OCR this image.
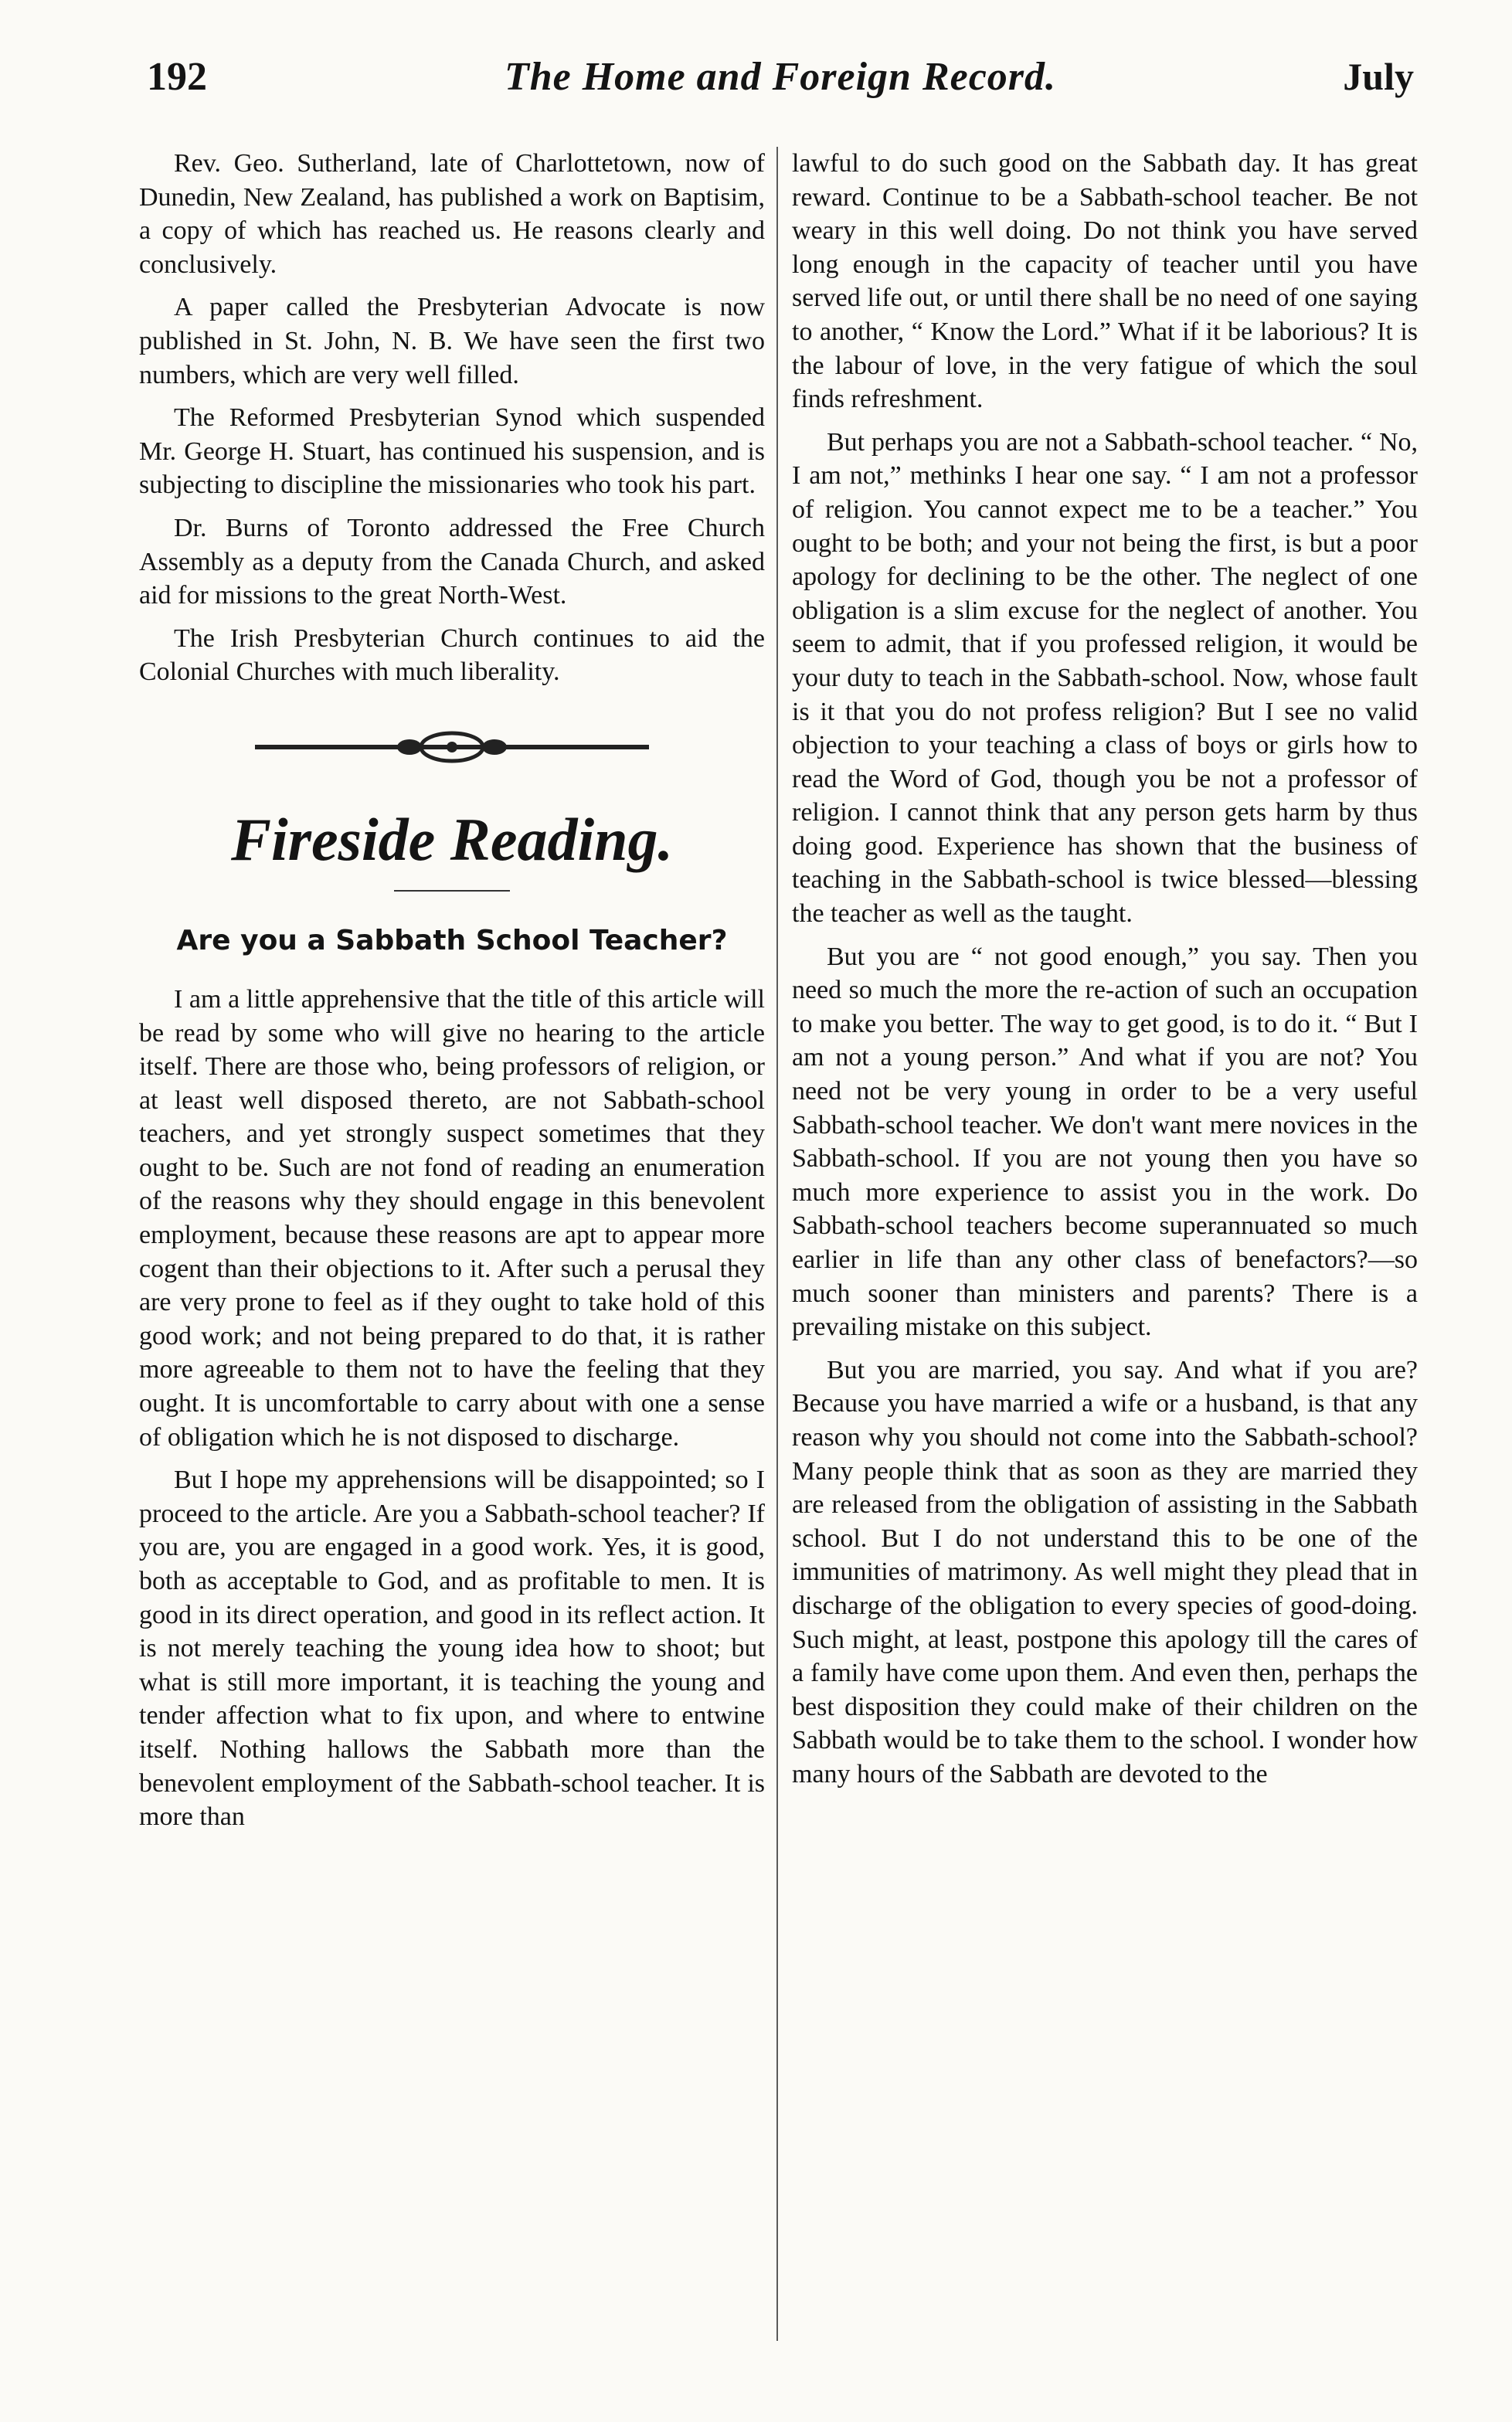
192	The Home and Foreign Record.	July

Rev. Geo. Sutherland, late of Charlottetown, now of Dunedin, New Zealand, has published a work on Baptisim, a copy of which has reached us. He reasons clearly and conclusively.

A paper called the Presbyterian Advocate is now published in St. John, N. B. We have seen the first two numbers, which are very well filled.

The Reformed Presbyterian Synod which suspended Mr. George H. Stuart, has continued his suspension, and is subjecting to discipline the missionaries who took his part.

Dr. Burns of Toronto addressed the Free Church Assembly as a deputy from the Canada Church, and asked aid for missions to the great North-West.

The Irish Presbyterian Church continues to aid the Colonial Churches with much liberality.

Fireside Reading.
Are you a Sabbath School Teacher?

I am a little apprehensive that the title of this article will be read by some who will give no hearing to the article itself. There are those who, being professors of religion, or at least well disposed thereto, are not Sabbath-school teachers, and yet strongly suspect sometimes that they ought to be. Such are not fond of reading an enumeration of the reasons why they should engage in this benevolent employment, because these reasons are apt to appear more cogent than their objections to it. After such a perusal they are very prone to feel as if they ought to take hold of this good work; and not being prepared to do that, it is rather more agreeable to them not to have the feeling that they ought. It is uncomfortable to carry about with one a sense of obligation which he is not disposed to discharge.

But I hope my apprehensions will be disappointed; so I proceed to the article. Are you a Sabbath-school teacher? If you are, you are engaged in a good work. Yes, it is good, both as acceptable to God, and as profitable to men. It is good in its direct operation, and good in its reflect action. It is not merely teaching the young idea how to shoot; but what is still more important, it is teaching the young and tender affection what to fix upon, and where to entwine itself. Nothing hallows the Sabbath more than the benevolent employment of the Sabbath-school teacher. It is more than

lawful to do such good on the Sabbath day. It has great reward. Continue to be a Sabbath-school teacher. Be not weary in this well doing. Do not think you have served long enough in the capacity of teacher until you have served life out, or until there shall be no need of one saying to another, “ Know the Lord.” What if it be laborious? It is the labour of love, in the very fatigue of which the soul finds refreshment.

But perhaps you are not a Sabbath-school teacher. “ No, I am not,” methinks I hear one say. “ I am not a professor of religion. You cannot expect me to be a teacher.” You ought to be both; and your not being the first, is but a poor apology for declining to be the other. The neglect of one obligation is a slim excuse for the neglect of another. You seem to admit, that if you professed religion, it would be your duty to teach in the Sabbath-school. Now, whose fault is it that you do not profess religion? But I see no valid objection to your teaching a class of boys or girls how to read the Word of God, though you be not a professor of religion. I cannot think that any person gets harm by thus doing good. Experience has shown that the business of teaching in the Sabbath-school is twice blessed—blessing the teacher as well as the taught.

But you are “ not good enough,” you say. Then you need so much the more the re-action of such an occupation to make you better. The way to get good, is to do it. “ But I am not a young person.” And what if you are not? You need not be very young in order to be a very useful Sabbath-school teacher. We don't want mere novices in the Sabbath-school. If you are not young then you have so much more experience to assist you in the work. Do Sabbath-school teachers become superannuated so much earlier in life than any other class of benefactors?—so much sooner than ministers and parents? There is a prevailing mistake on this subject.

But you are married, you say. And what if you are? Because you have married a wife or a husband, is that any reason why you should not come into the Sabbath-school? Many people think that as soon as they are married they are released from the obligation of assisting in the Sabbath school. But I do not understand this to be one of the immunities of matrimony. As well might they plead that in discharge of the obligation to every species of good-doing. Such might, at least, postpone this apology till the cares of a family have come upon them. And even then, perhaps the best disposition they could make of their children on the Sabbath would be to take them to the school. I wonder how many hours of the Sabbath are devoted to the
